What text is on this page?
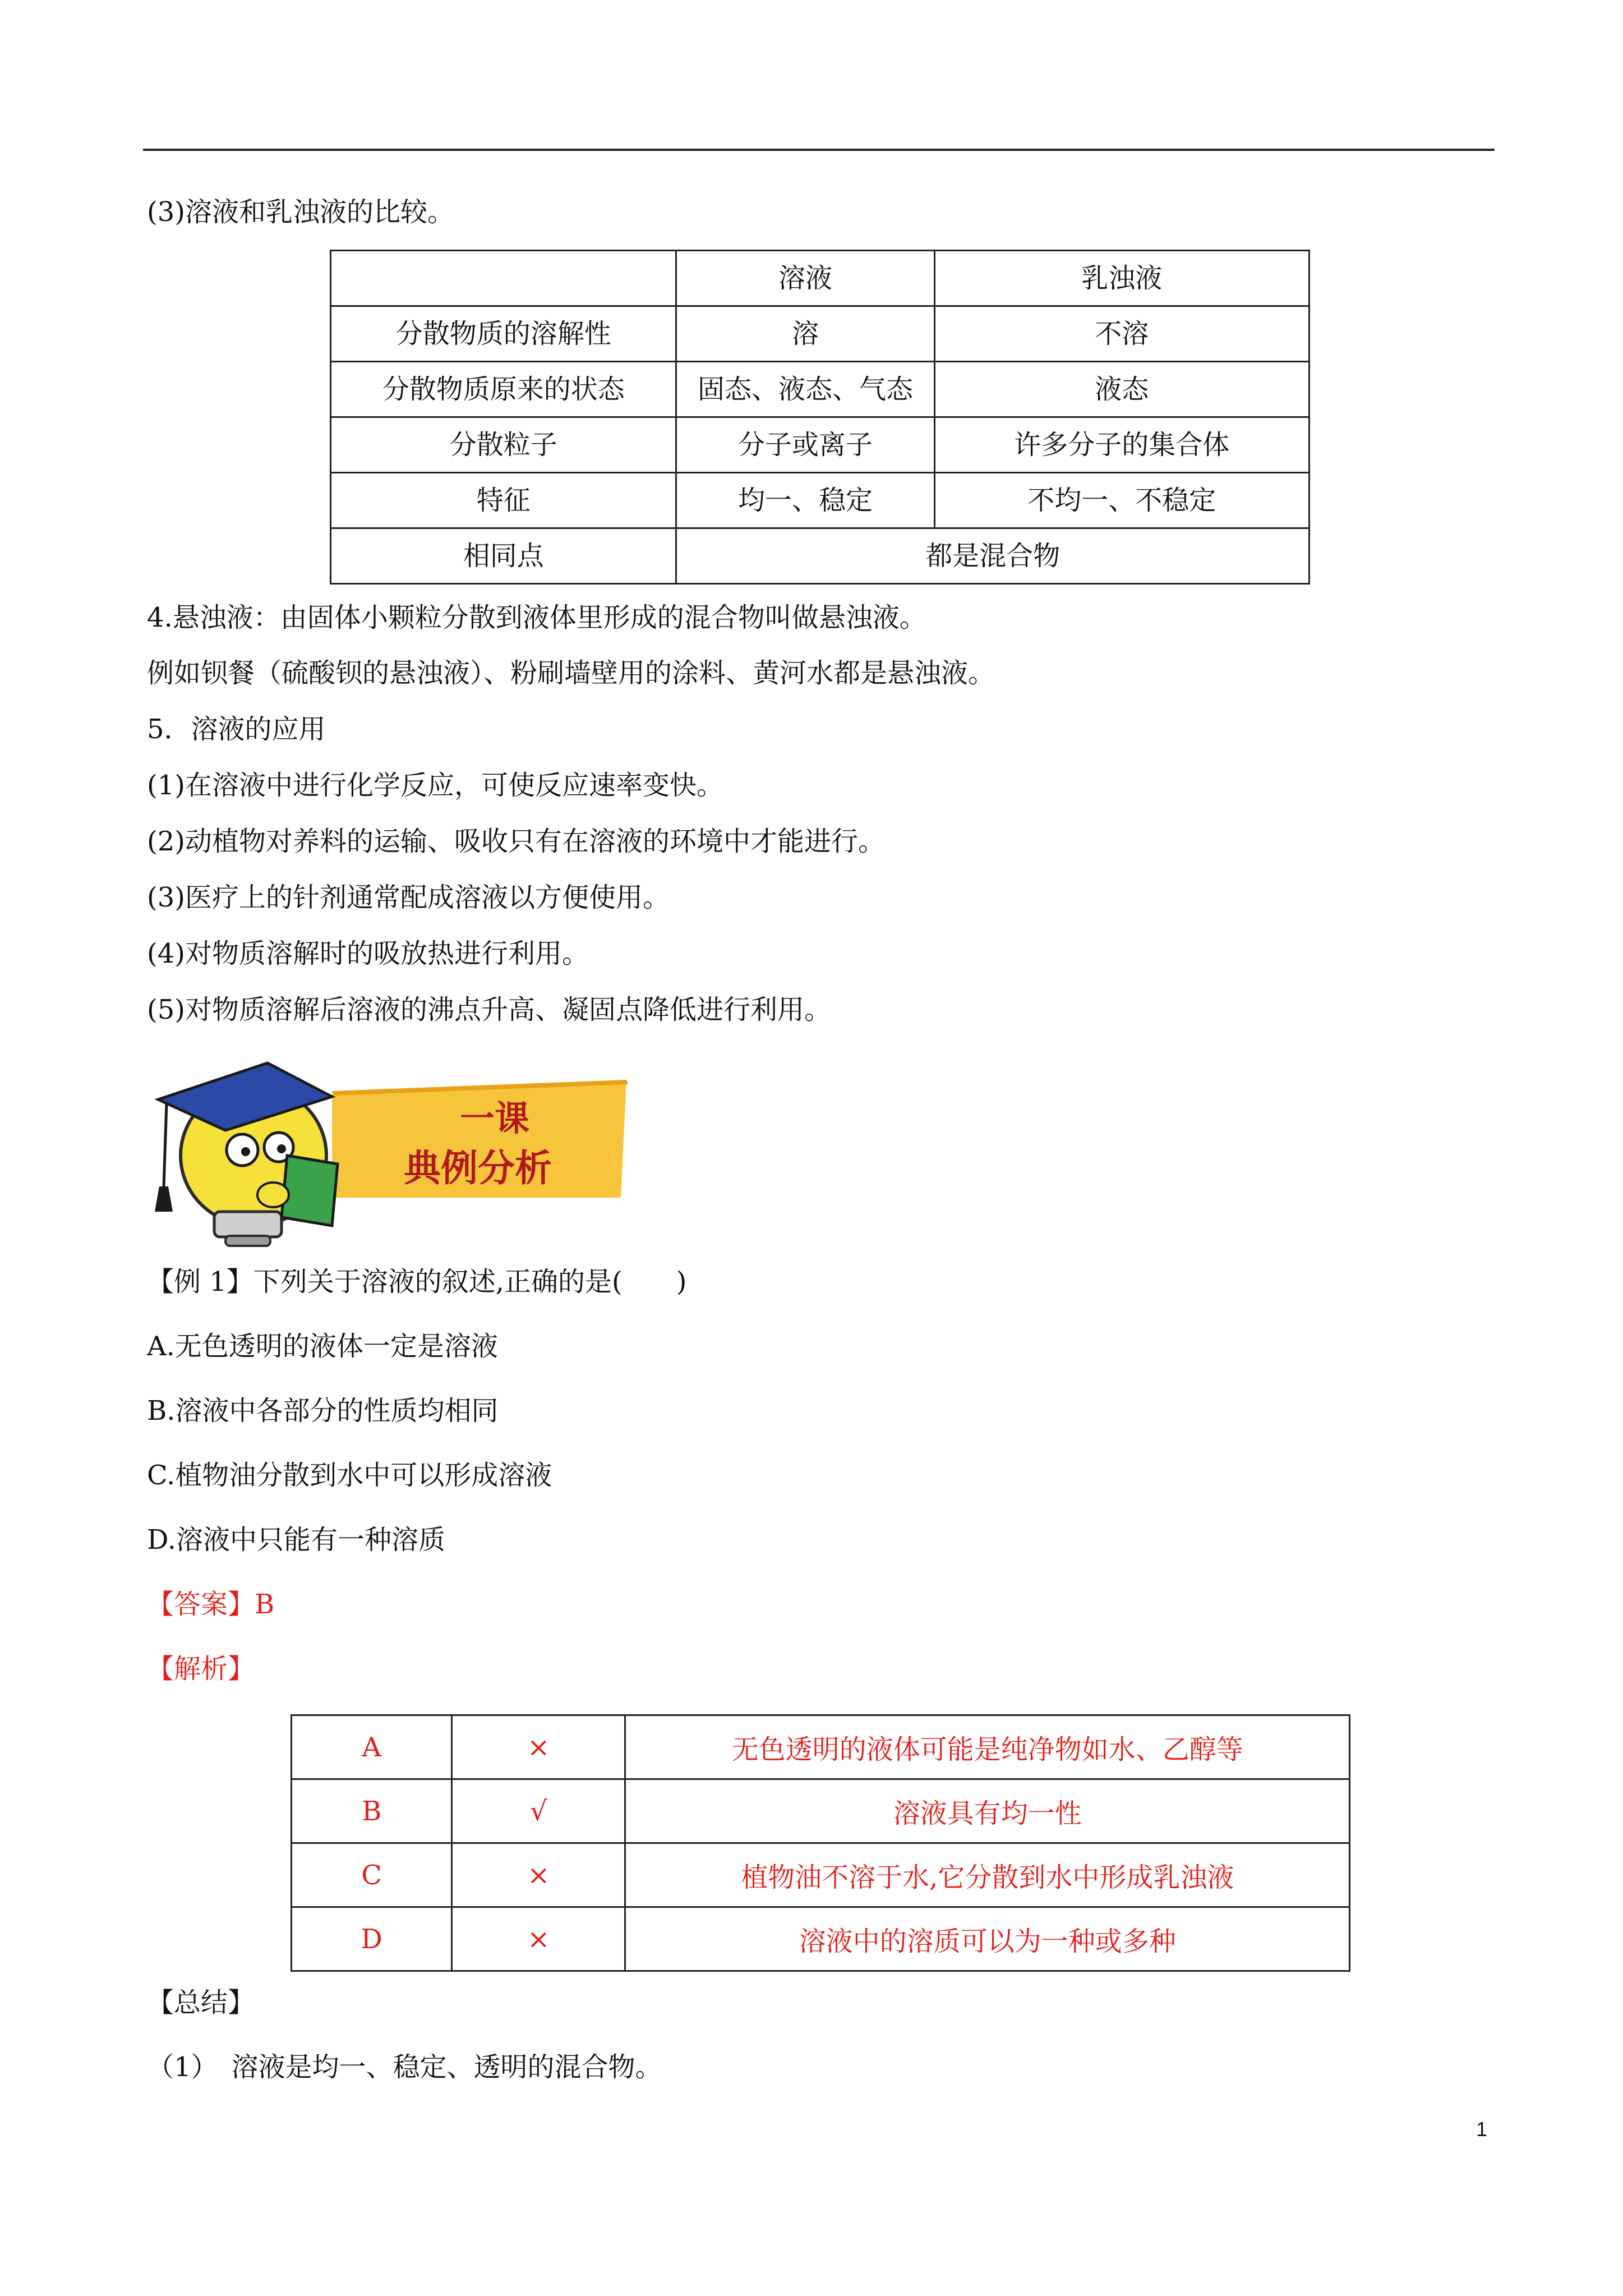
(3)溶液和乳浊液的比较。
	溶液	乳浊液
分散物质的溶解性	溶	不溶
分散物质原来的状态	固态、液态、气态	液态
分散粒子	分子或离子	许多分子的集合体
特征	均一、稳定	不均一、不稳定
相同点	都是混合物	
4.悬浊液：由固体小颗粒分散到液体里形成的混合物叫做悬浊液。
例如钡餐（硫酸钡的悬浊液）、粉刷墙壁用的涂料、黄河水都是悬浊液。
5．溶液的应用
(1)在溶液中进行化学反应，可使反应速率变快。
(2)动植物对养料的运输、吸收只有在溶液的环境中才能进行。
(3)医疗上的针剂通常配成溶液以方便使用。
(4)对物质溶解时的吸放热进行利用。
(5)对物质溶解后溶液的沸点升高、凝固点降低进行利用。
一课
典例分析
【例 1】下列关于溶液的叙述,正确的是(　　)
A.无色透明的液体一定是溶液
B.溶液中各部分的性质均相同
C.植物油分散到水中可以形成溶液
D.溶液中只能有一种溶质
【答案】B
【解析】
A	×	无色透明的液体可能是纯净物如水、乙醇等
B	√	溶液具有均一性
C	×	植物油不溶于水,它分散到水中形成乳浊液
D	×	溶液中的溶质可以为一种或多种
【总结】
（1）　溶液是均一、稳定、透明的混合物。
1
